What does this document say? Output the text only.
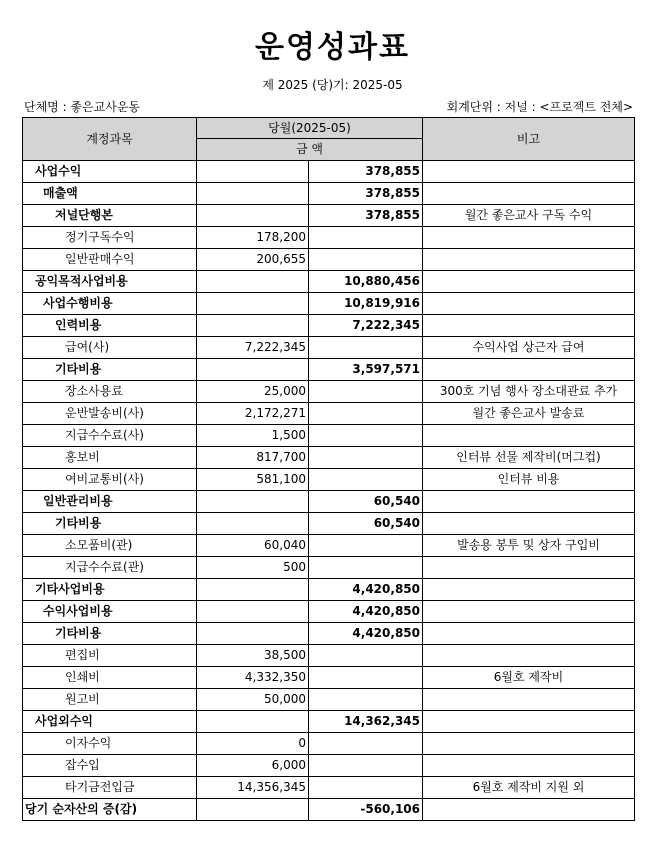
운영성과표
제 2025 (당)기: 2025-05
단체명 : 좋은교사운동	회계단위 : 저널 : <프로젝트 전체>
계정과목	당월(2025-05)		비고
	금 액		
사업수익		378,855	
매출액		378,855	
저널단행본		378,855	월간 좋은교사 구독 수익
정기구독수익	178,200		
일반판매수익	200,655		
공익목적사업비용		10,880,456	
사업수행비용		10,819,916	
인력비용		7,222,345	
급여(사)	7,222,345		수익사업 상근자 급여
기타비용		3,597,571	
장소사용료	25,000		300호 기념 행사 장소대관료 추가
운반발송비(사)	2,172,271		월간 좋은교사 발송료
지급수수료(사)	1,500		
홍보비	817,700		인터뷰 선물 제작비(머그컵)
여비교통비(사)	581,100		인터뷰 비용
일반관리비용		60,540	
기타비용		60,540	
소모품비(관)	60,040		발송용 봉투 및 상자 구입비
지급수수료(관)	500		
기타사업비용		4,420,850	
수익사업비용		4,420,850	
기타비용		4,420,850	
편집비	38,500		
인쇄비	4,332,350		6월호 제작비
원고비	50,000		
사업외수익		14,362,345	
이자수익	0		
잡수입	6,000		
타기금전입금	14,356,345		6월호 제작비 지원 외
당기 순자산의 증(감)		-560,106	
